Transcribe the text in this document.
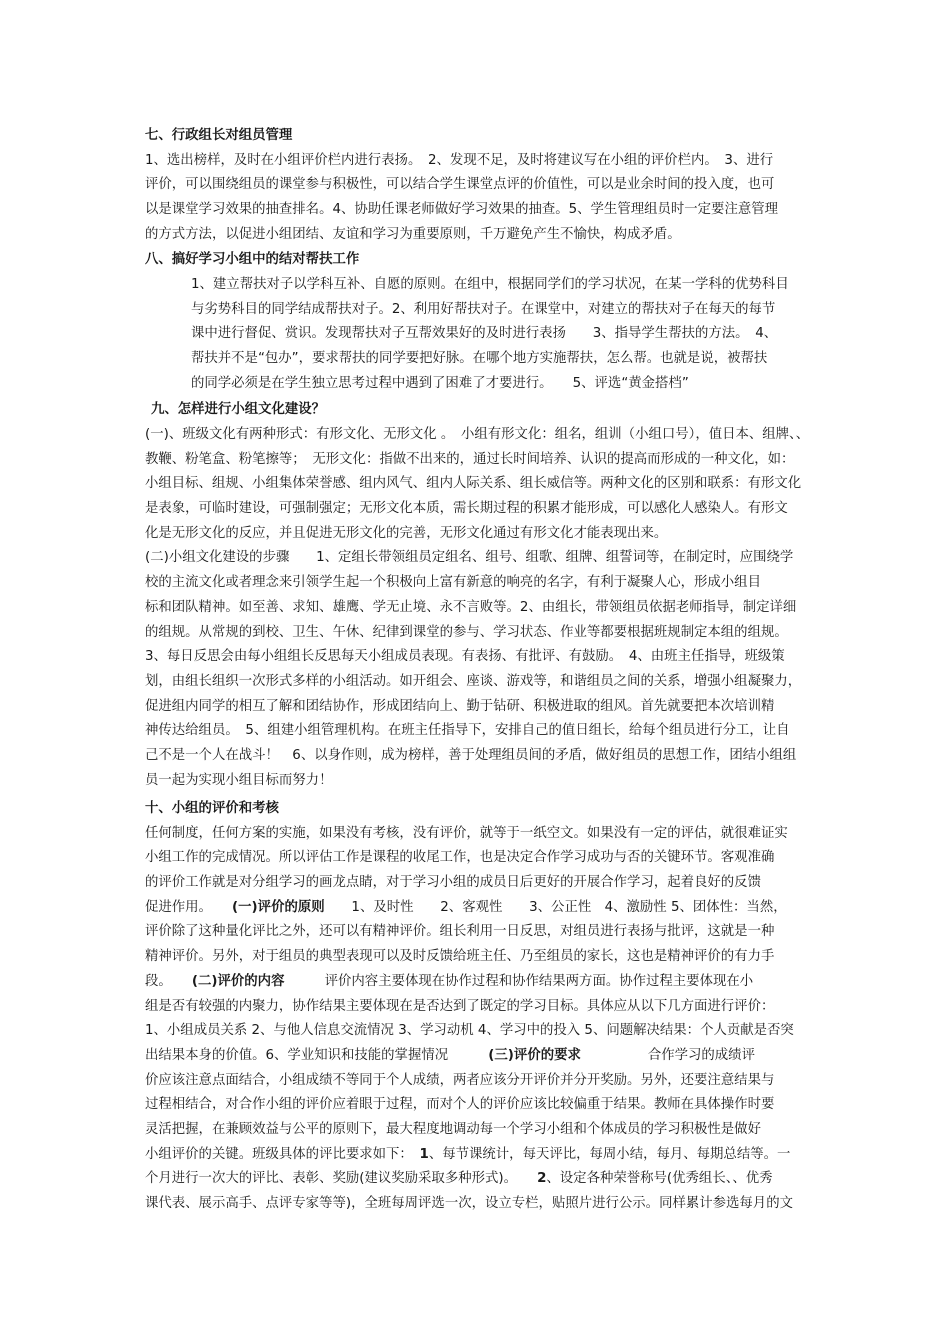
七、行政组长对组员管理
1、选出榜样，及时在小组评价栏内进行表扬。　2、发现不足，及时将建议写在小组的评价栏内。　3、进行
评价，可以围绕组员的课堂参与积极性，可以结合学生课堂点评的价值性，可以是业余时间的投入度，也可
以是课堂学习效果的抽查排名。4、协助任课老师做好学习效果的抽查。5、学生管理组员时一定要注意管理
的方式方法，以促进小组团结、友谊和学习为重要原则，千万避免产生不愉快，构成矛盾。
八、搞好学习小组中的结对帮扶工作
1、建立帮扶对子以学科互补、自愿的原则。在组中，根据同学们的学习状况，在某一学科的优势科目
与劣势科目的同学结成帮扶对子。2、利用好帮扶对子。在课堂中，对建立的帮扶对子在每天的每节
课中进行督促、赏识。发现帮扶对子互帮效果好的及时进行表扬　　3、指导学生帮扶的方法。　4、
帮扶并不是“包办”，要求帮扶的同学要把好脉。在哪个地方实施帮扶，怎么帮。也就是说，被帮扶
的同学必须是在学生独立思考过程中遇到了困难了才要进行。　　5、评选“黄金搭档”
九、怎样进行小组文化建设？
(一)、班级文化有两种形式：有形文化、无形文化 。　小组有形文化：组名，组训（小组口号），值日本、组牌、、
教鞭、粉笔盒、粉笔擦等；　无形文化：指做不出来的，通过长时间培养、认识的提高而形成的一种文化，如：
小组目标、组规、小组集体荣誉感、组内风气、组内人际关系、组长威信等。两种文化的区别和联系：有形文化
是表象，可临时建设，可强制强定；无形文化本质，需长期过程的积累才能形成，可以感化人感染人。有形文
化是无形文化的反应，并且促进无形文化的完善，无形文化通过有形文化才能表现出来。
(二)小组文化建设的步骤　　1、定组长带领组员定组名、组号、组歌、组牌、组誓词等，在制定时，应围绕学
校的主流文化或者理念来引领学生起一个积极向上富有新意的响亮的名字，有利于凝聚人心，形成小组目
标和团队精神。如至善、求知、雄鹰、学无止境、永不言败等。2、由组长，带领组员依据老师指导，制定详细
的组规。从常规的到校、卫生、午休、纪律到课堂的参与、学习状态、作业等都要根据班规制定本组的组规。
3、每日反思会由每小组组长反思每天小组成员表现。有表扬、有批评、有鼓励。　4、由班主任指导，班级策
划，由组长组织一次形式多样的小组活动。如开组会、座谈、游戏等，和谐组员之间的关系，增强小组凝聚力，
促进组内同学的相互了解和团结协作，形成团结向上、勤于钻研、积极进取的组风。首先就要把本次培训精
神传达给组员。　5、组建小组管理机构。在班主任指导下，安排自己的值日组长，给每个组员进行分工，让自
己不是一个人在战斗！　6、以身作则，成为榜样，善于处理组员间的矛盾，做好组员的思想工作，团结小组组
员一起为实现小组目标而努力！
十、小组的评价和考核
任何制度，任何方案的实施，如果没有考核，没有评价，就等于一纸空文。如果没有一定的评估，就很难证实
小组工作的完成情况。所以评估工作是课程的收尾工作，也是决定合作学习成功与否的关键环节。客观准确
的评价工作就是对分组学习的画龙点睛，对于学习小组的成员日后更好的开展合作学习，起着良好的反馈
促进作用。　　(一)评价的原则　　1、及时性　　2、客观性　　3、公正性　4、激励性 5、团体性：当然，
评价除了这种量化评比之外，还可以有精神评价。组长利用一日反思，对组员进行表扬与批评，这就是一种
精神评价。另外，对于组员的典型表现可以及时反馈给班主任、乃至组员的家长，这也是精神评价的有力手
段。　　(二)评价的内容　　　评价内容主要体现在协作过程和协作结果两方面。协作过程主要体现在小
组是否有较强的内聚力，协作结果主要体现在是否达到了既定的学习目标。具体应从以下几方面进行评价：
1、小组成员关系 2、与他人信息交流情况 3、学习动机 4、学习中的投入 5、问题解决结果：个人贡献是否突
出结果本身的价值。6、学业知识和技能的掌握情况　　　(三)评价的要求　　　　　合作学习的成绩评
价应该注意点面结合，小组成绩不等同于个人成绩，两者应该分开评价并分开奖励。另外，还要注意结果与
过程相结合，对合作小组的评价应着眼于过程，而对个人的评价应该比较偏重于结果。教师在具体操作时要
灵活把握，在兼顾效益与公平的原则下，最大程度地调动每一个学习小组和个体成员的学习积极性是做好
小组评价的关键。班级具体的评比要求如下：　1、每节课统计，每天评比，每周小结，每月、每期总结等。一
个月进行一次大的评比、表彰、奖励(建议奖励采取多种形式)。　　2、设定各种荣誉称号(优秀组长、、优秀
课代表、展示高手、点评专家等等)，全班每周评选一次，设立专栏，贴照片进行公示。同样累计参选每月的文
